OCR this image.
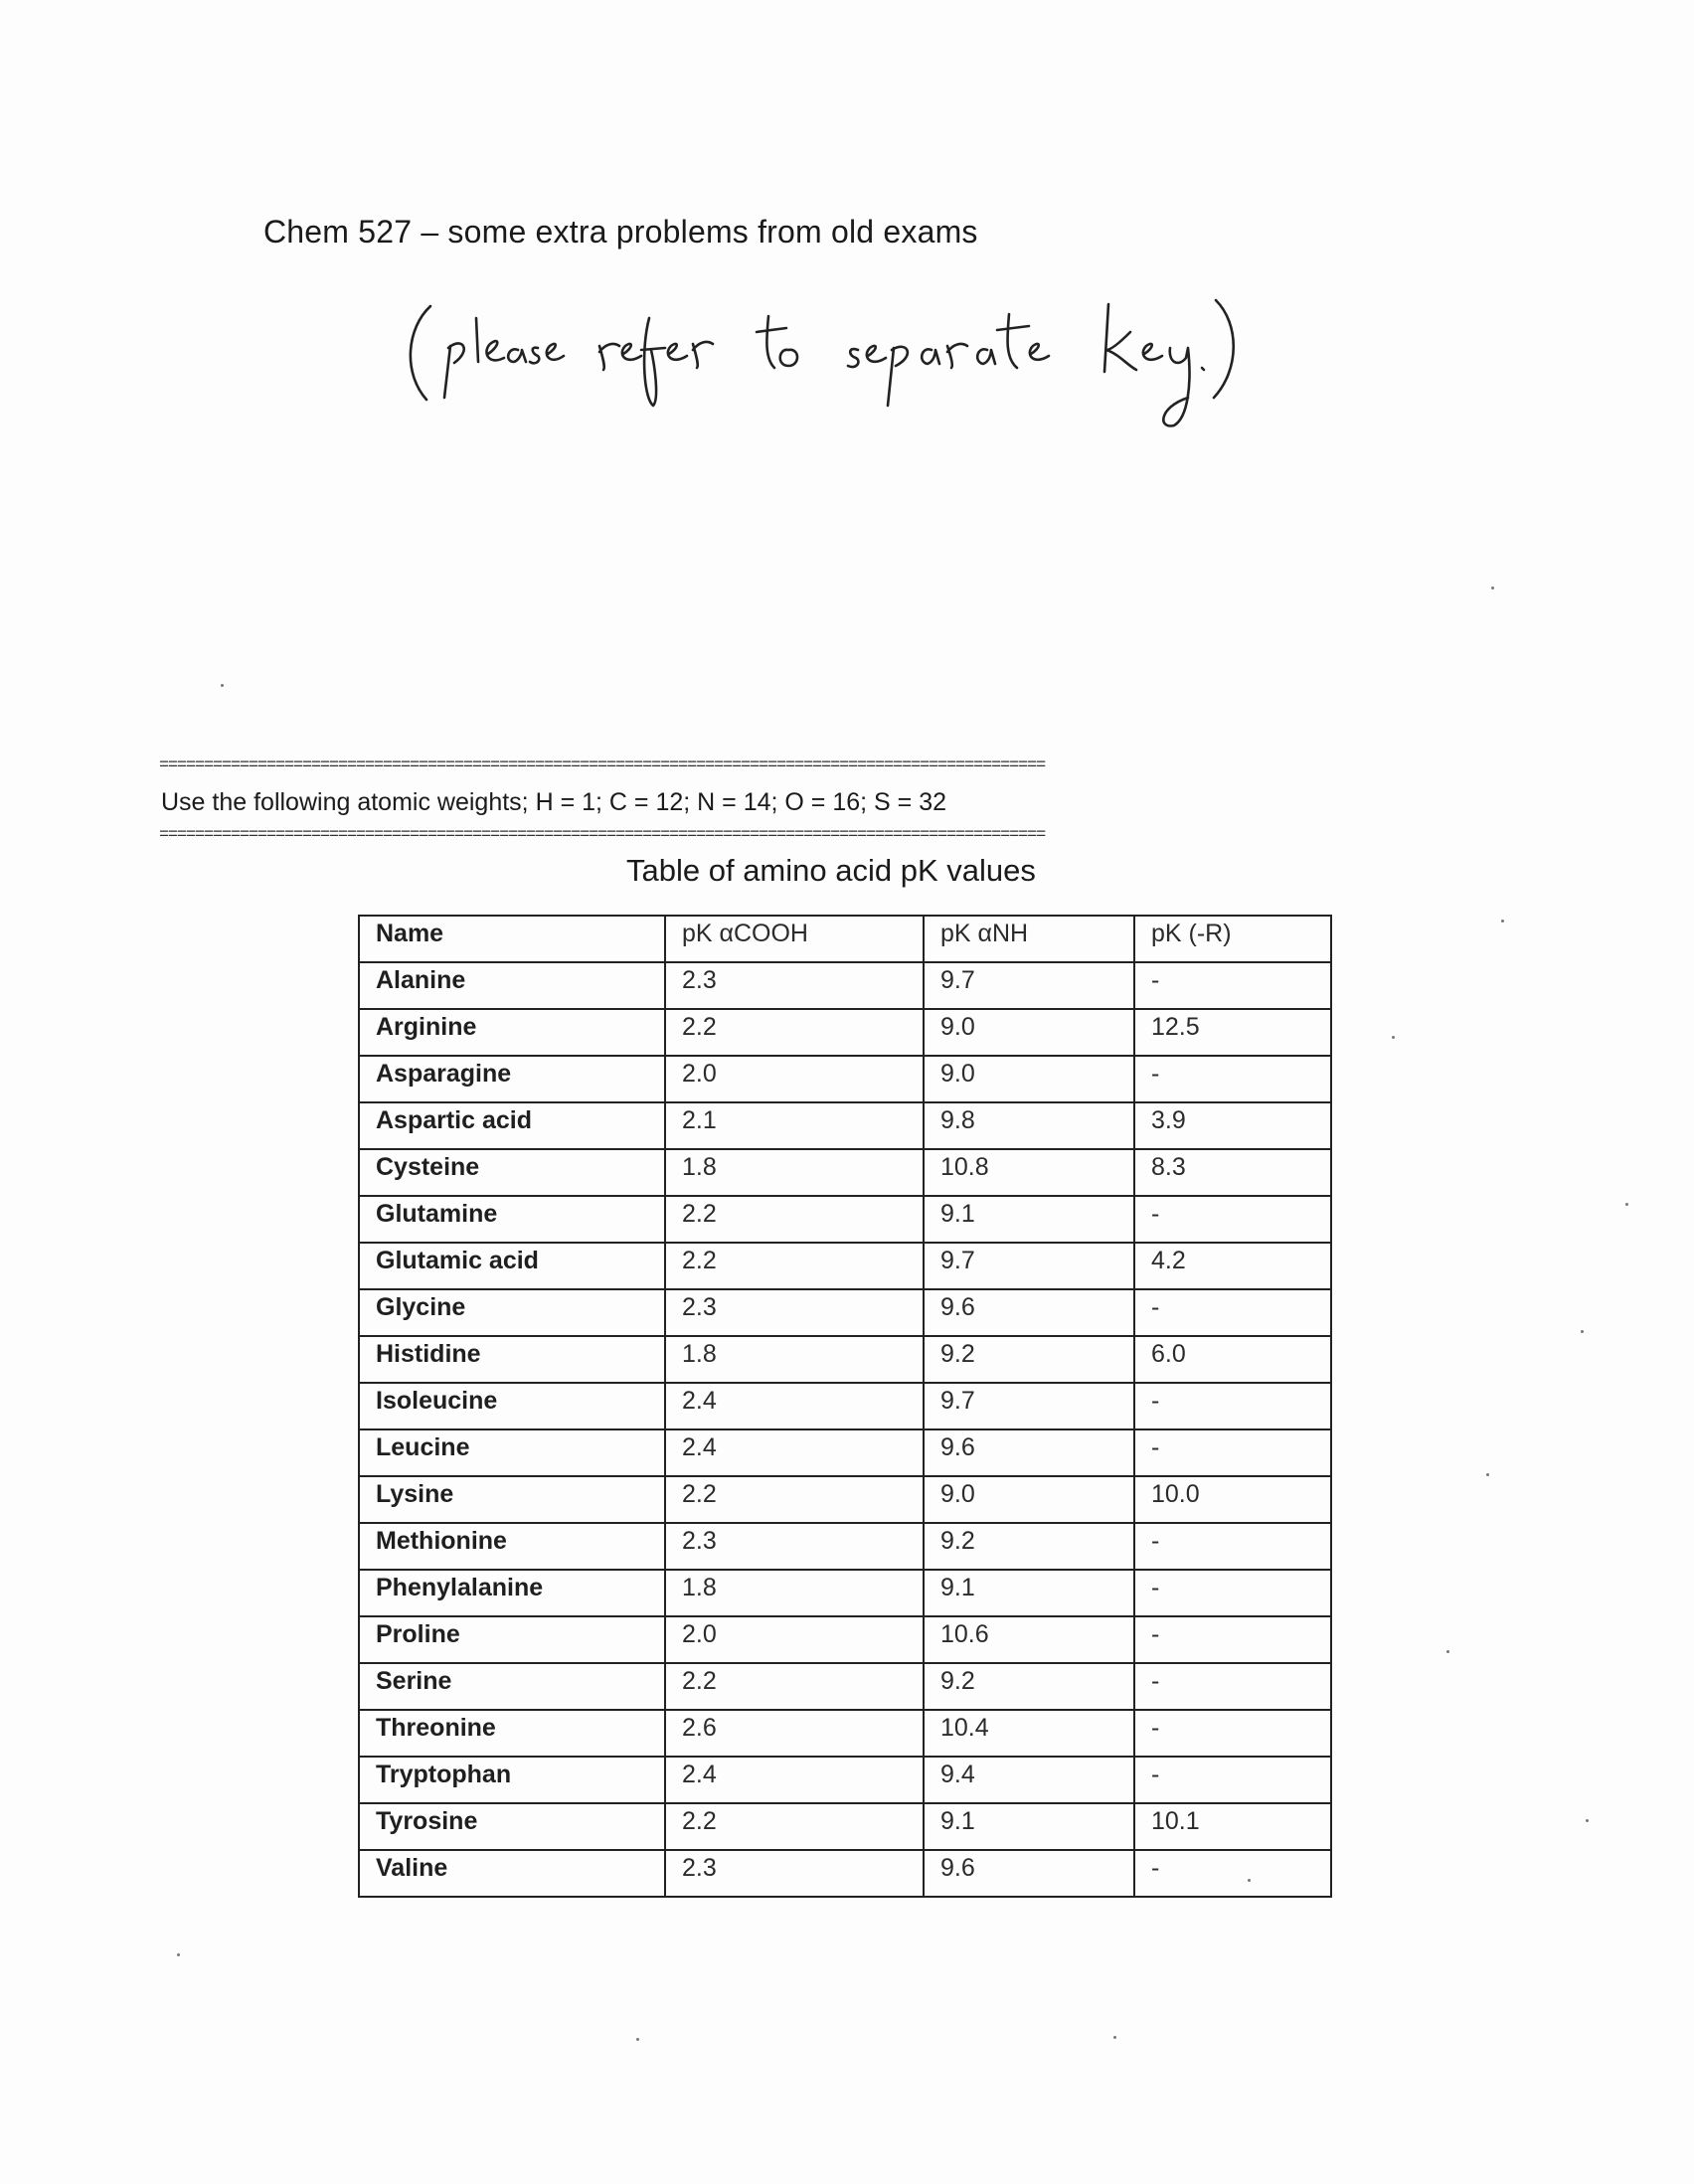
Chem 527 – some extra problems from old exams
===================================================================================================
Use the following atomic weights; H = 1; C = 12; N = 14; O = 16; S = 32
===================================================================================================
Table of amino acid pK values
Name	pK αCOOH	pK αNH	pK (-R)
Alanine	2.3	9.7	-
Arginine	2.2	9.0	12.5
Asparagine	2.0	9.0	-
Aspartic acid	2.1	9.8	3.9
Cysteine	1.8	10.8	8.3
Glutamine	2.2	9.1	-
Glutamic acid	2.2	9.7	4.2
Glycine	2.3	9.6	-
Histidine	1.8	9.2	6.0
Isoleucine	2.4	9.7	-
Leucine	2.4	9.6	-
Lysine	2.2	9.0	10.0
Methionine	2.3	9.2	-
Phenylalanine	1.8	9.1	-
Proline	2.0	10.6	-
Serine	2.2	9.2	-
Threonine	2.6	10.4	-
Tryptophan	2.4	9.4	-
Tyrosine	2.2	9.1	10.1
Valine	2.3	9.6	-
